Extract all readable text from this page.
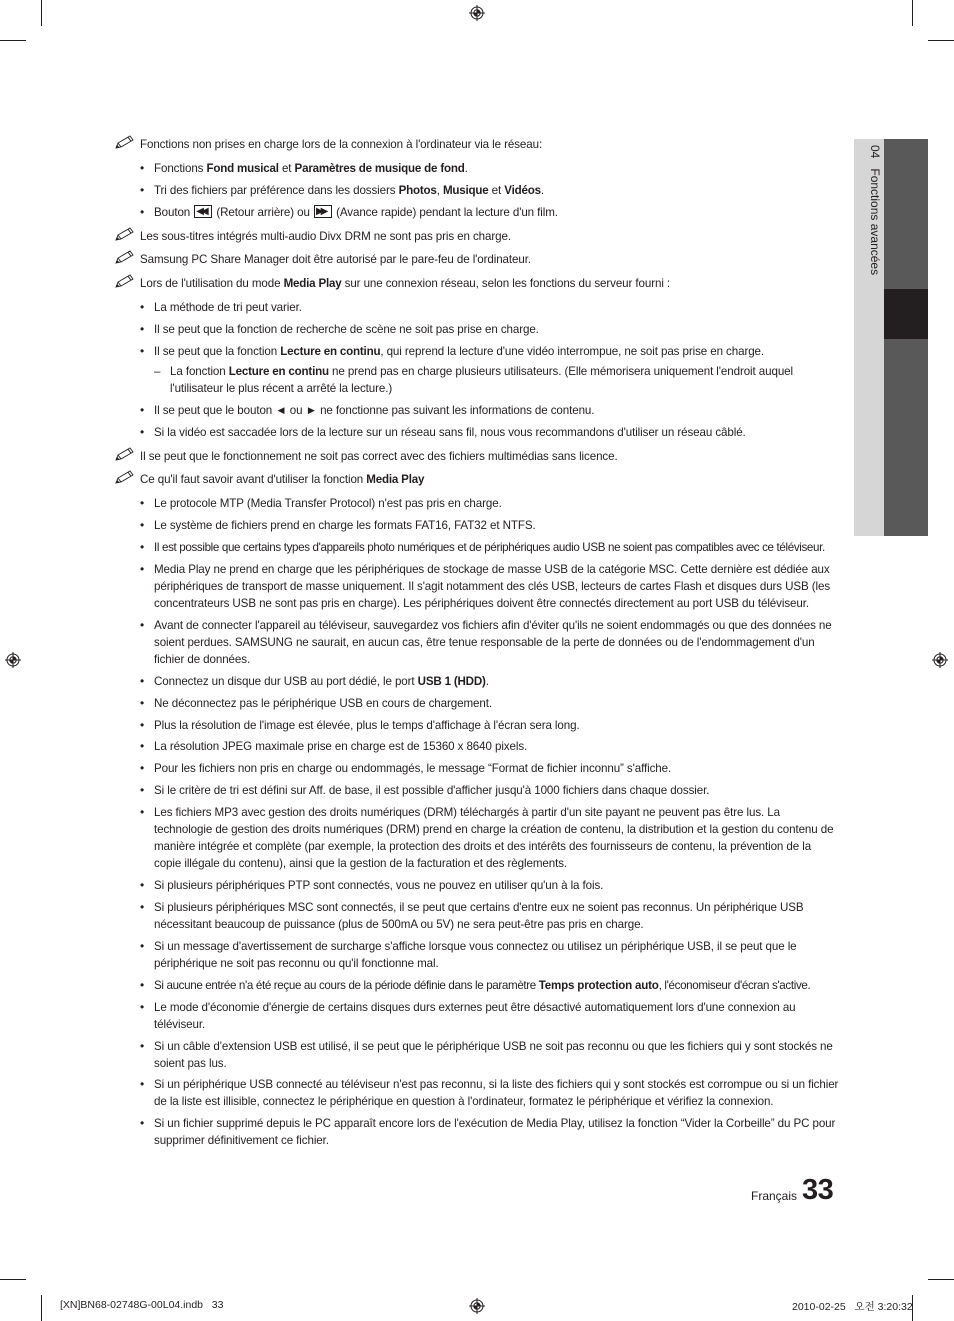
04   Fonctions avancées
Fonctions non prises en charge lors de la connexion à l'ordinateur via le réseau:
• Fonctions Fond musical et Paramètres de musique de fond.
• Tri des fichiers par préférence dans les dossiers Photos, Musique et Vidéos.
• Bouton ◀◀ (Retour arrière) ou ▶▶ (Avance rapide) pendant la lecture d'un film.
Les sous-titres intégrés multi-audio Divx DRM ne sont pas pris en charge.
Samsung PC Share Manager doit être autorisé par le pare-feu de l'ordinateur.
Lors de l'utilisation du mode Media Play sur une connexion réseau, selon les fonctions du serveur fourni :
• La méthode de tri peut varier.
• Il se peut que la fonction de recherche de scène ne soit pas prise en charge.
• Il se peut que la fonction Lecture en continu, qui reprend la lecture d'une vidéo interrompue, ne soit pas prise en charge.
– La fonction Lecture en continu ne prend pas en charge plusieurs utilisateurs. (Elle mémorisera uniquement l'endroit auquel l'utilisateur le plus récent a arrêté la lecture.)
• Il se peut que le bouton ◄ ou ► ne fonctionne pas suivant les informations de contenu.
• Si la vidéo est saccadée lors de la lecture sur un réseau sans fil, nous vous recommandons d'utiliser un réseau câblé.
Il se peut que le fonctionnement ne soit pas correct avec des fichiers multimédias sans licence.
Ce qu'il faut savoir avant d'utiliser la fonction Media Play
• Le protocole MTP (Media Transfer Protocol) n'est pas pris en charge.
• Le système de fichiers prend en charge les formats FAT16, FAT32 et NTFS.
• Il est possible que certains types d'appareils photo numériques et de périphériques audio USB ne soient pas compatibles avec ce téléviseur.
• Media Play ne prend en charge que les périphériques de stockage de masse USB de la catégorie MSC. Cette dernière est dédiée aux périphériques de transport de masse uniquement. Il s'agit notamment des clés USB, lecteurs de cartes Flash et disques durs USB (les concentrateurs USB ne sont pas pris en charge). Les périphériques doivent être connectés directement au port USB du téléviseur.
• Avant de connecter l'appareil au téléviseur, sauvegardez vos fichiers afin d'éviter qu'ils ne soient endommagés ou que des données ne soient perdues. SAMSUNG ne saurait, en aucun cas, être tenue responsable de la perte de données ou de l'endommagement d'un fichier de données.
• Connectez un disque dur USB au port dédié, le port USB 1 (HDD).
• Ne déconnectez pas le périphérique USB en cours de chargement.
• Plus la résolution de l'image est élevée, plus le temps d'affichage à l'écran sera long.
• La résolution JPEG maximale prise en charge est de 15360 x 8640 pixels.
• Pour les fichiers non pris en charge ou endommagés, le message “Format de fichier inconnu” s'affiche.
• Si le critère de tri est défini sur Aff. de base, il est possible d'afficher jusqu'à 1000 fichiers dans chaque dossier.
• Les fichiers MP3 avec gestion des droits numériques (DRM) téléchargés à partir d'un site payant ne peuvent pas être lus. La technologie de gestion des droits numériques (DRM) prend en charge la création de contenu, la distribution et la gestion du contenu de manière intégrée et complète (par exemple, la protection des droits et des intérêts des fournisseurs de contenu, la prévention de la copie illégale du contenu), ainsi que la gestion de la facturation et des règlements.
• Si plusieurs périphériques PTP sont connectés, vous ne pouvez en utiliser qu'un à la fois.
• Si plusieurs périphériques MSC sont connectés, il se peut que certains d'entre eux ne soient pas reconnus. Un périphérique USB nécessitant beaucoup de puissance (plus de 500mA ou 5V) ne sera peut-être pas pris en charge.
• Si un message d'avertissement de surcharge s'affiche lorsque vous connectez ou utilisez un périphérique USB, il se peut que le périphérique ne soit pas reconnu ou qu'il fonctionne mal.
• Si aucune entrée n'a été reçue au cours de la période définie dans le paramètre Temps protection auto, l'économiseur d'écran s'active.
• Le mode d'économie d'énergie de certains disques durs externes peut être désactivé automatiquement lors d'une connexion au téléviseur.
• Si un câble d'extension USB est utilisé, il se peut que le périphérique USB ne soit pas reconnu ou que les fichiers qui y sont stockés ne soient pas lus.
• Si un périphérique USB connecté au téléviseur n'est pas reconnu, si la liste des fichiers qui y sont stockés est corrompue ou si un fichier de la liste est illisible, connectez le périphérique en question à l'ordinateur, formatez le périphérique et vérifiez la connexion.
• Si un fichier supprimé depuis le PC apparaît encore lors de l'exécution de Media Play, utilisez la fonction “Vider la Corbeille” du PC pour supprimer définitivement ce fichier.
Français 33
[XN]BN68-02748G-00L04.indb   33	2010-02-25   오전 3:20:32
